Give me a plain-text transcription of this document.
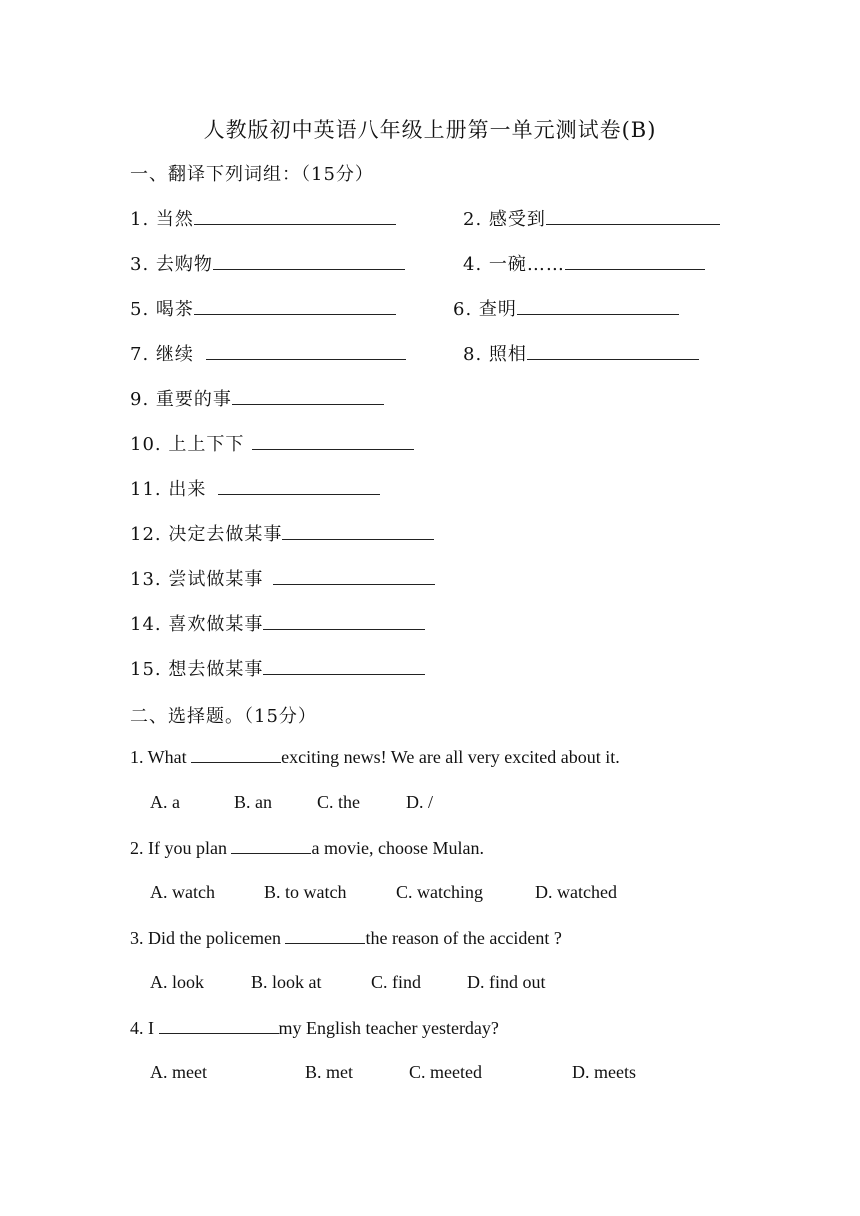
人教版初中英语八年级上册第一单元测试卷(B)
一、翻译下列词组：（15分）
1. 当然	2. 感受到
3. 去购物	4. 一碗……
5. 喝茶	6. 查明
7. 继续	8. 照相
9. 重要的事
10. 上上下下
11. 出来
12. 决定去做某事
13. 尝试做某事
14. 喜欢做某事
15. 想去做某事
二、选择题。（15分）
1. What	exciting news! We are all very excited about it.
A. a	B. an	C. the	D. /
2. If you plan	a movie, choose Mulan.
A. watch	B. to watch	C. watching	D. watched
3. Did the policemen	the reason of the accident ?
A. look	B. look at	C. find	D. find out
4. I	my English teacher yesterday?
A. meet	B. met	C. meeted	D. meets
